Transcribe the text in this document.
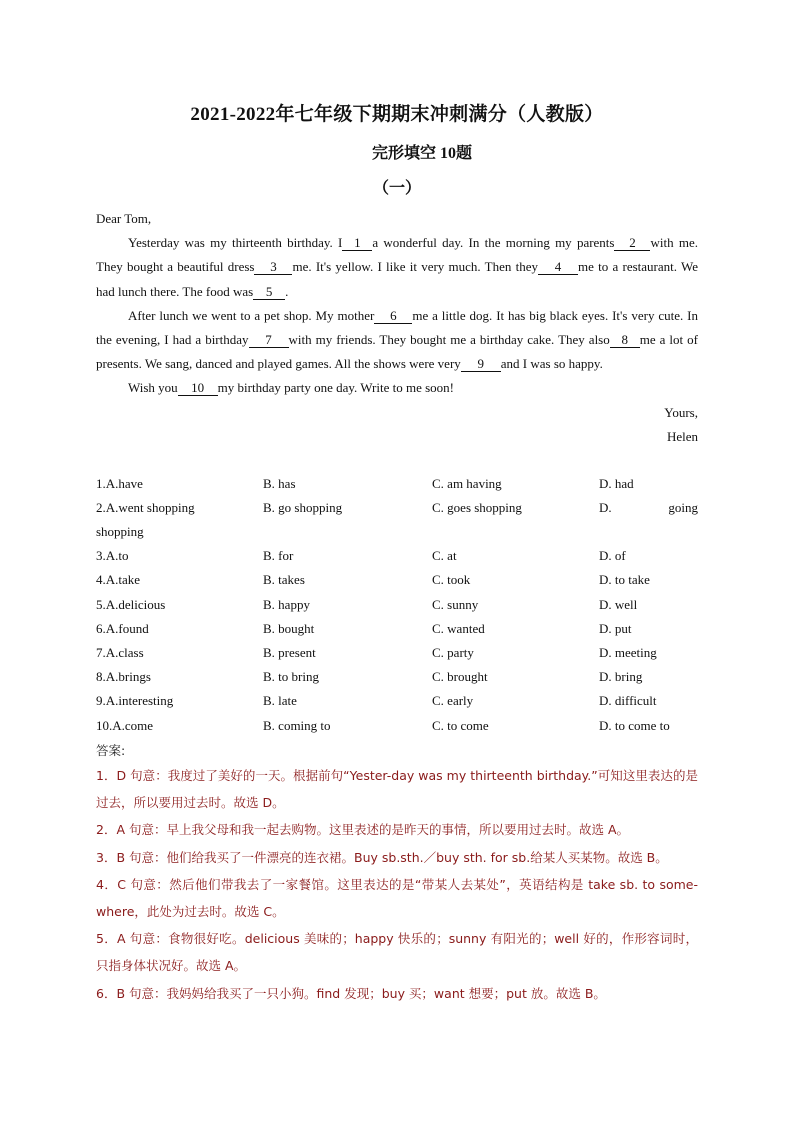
2021-2022年七年级下期期末冲刺满分（人教版）
完形填空 10题
（一）
Dear Tom,

Yesterday was my thirteenth birthday. I 1 a wonderful day. In the morning my parents 2 with me. They bought a beautiful dress 3 me. It's yellow. I like it very much. Then they 4 me to a restaurant. We had lunch there. The food was 5 .

After lunch we went to a pet shop. My mother 6 me a little dog. It has big black eyes. It's very cute. In the evening, I had a birthday 7 with my friends. They bought me a birthday cake. They also 8 me a lot of presents. We sang, danced and played games. All the shows were very 9 and I was so happy.

Wish you 10 my birthday party one day. Write to me soon!

Yours,
Helen
1.A.have	B. has	C. am having	D. had
2.A.went shopping	B. go shopping	C. goes shopping	D.	going
shopping
3.A.to	B. for	C. at	D. of
4.A.take	B. takes	C. took	D. to take
5.A.delicious	B. happy	C. sunny	D. well
6.A.found	B. bought	C. wanted	D. put
7.A.class	B. present	C. party	D. meeting
8.A.brings	B. to bring	C. brought	D. bring
9.A.interesting	B. late	C. early	D. difficult
10.A.come	B. coming to	C. to come	D. to come to
答案:

1．D 句意：我度过了美好的一天。根据前句“Yester-day was my thirteenth birthday.”可知这里表达的是 过去，所以要用过去时。故选 D。

2．A 句意：早上我父母和我一起去购物。这里表述的是昨天的事情，所以要用过去时。故选 A。

3．B 句意：他们给我买了一件漂亮的连衣裙。Buy sb.sth.／buy sth. for sb.给某人买某物。故选 B。

4．C 句意：然后他们带我去了一家餐馆。这里表达的是“带某人去某处”，英语结构是 take sb. to some-where，此处为过去时。故选 C。

5．A 句意：食物很好吃。delicious 美味的；happy 快乐的；sunny 有阳光的；well 好的，作形容词时，只指身体状况好。故选 A。

6．B 句意：我妈妈给我买了一只小狗。find 发现；buy 买；want 想要；put 放。故选 B。
